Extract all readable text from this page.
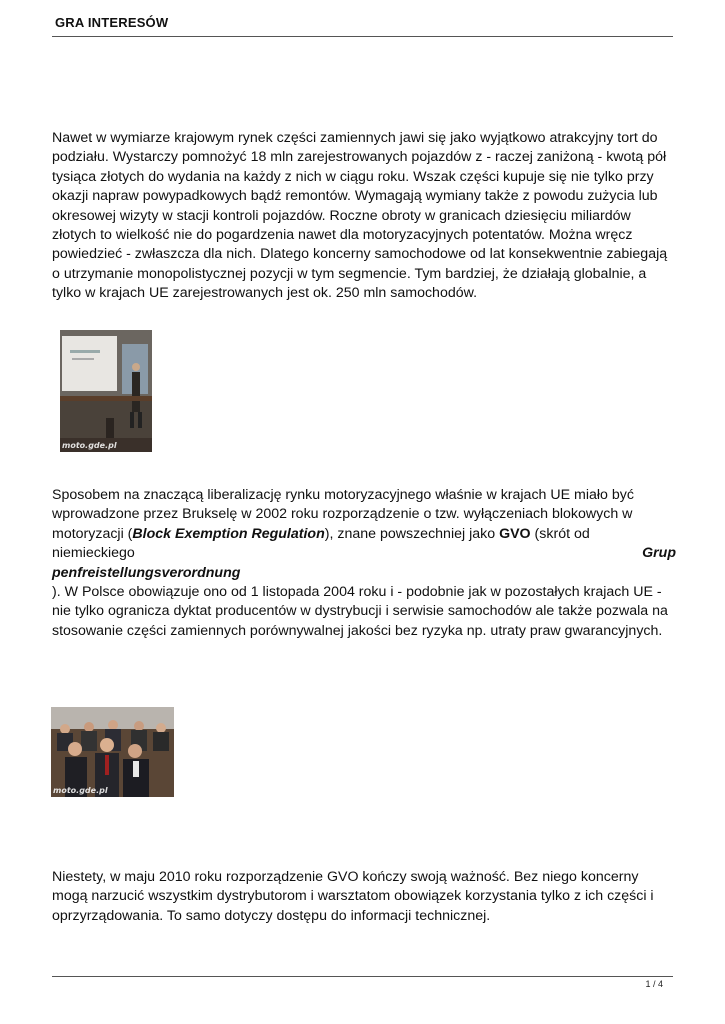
GRA INTERESÓW

Nawet w wymiarze krajowym rynek części zamiennych jawi się jako wyjątkowo atrakcyjny tort do podziału. Wystarczy pomnożyć 18 mln zarejestrowanych pojazdów z - raczej zaniżoną - kwotą pół tysiąca złotych do wydania na każdy z nich w ciągu roku. Wszak części kupuje się nie tylko przy okazji napraw powypadkowych bądź remontów. Wymagają wymiany także z powodu zużycia lub okresowej wizyty w stacji kontroli pojazdów. Roczne obroty w granicach dziesięciu miliardów złotych to wielkość nie do pogardzenia nawet dla motoryzacyjnych potentatów. Można wręcz powiedzieć - zwłaszcza dla nich. Dlatego koncerny samochodowe od lat konsekwentnie zabiegają o utrzymanie monopolistycznej pozycji w tym segmencie. Tym bardziej, że działają globalnie, a tylko w krajach UE zarejestrowanych jest ok. 250 mln samochodów.

moto.gde.pl
Sposobem na znaczącą liberalizację rynku motoryzacyjnego właśnie w krajach UE miało być wprowadzone przez Brukselę w 2002 roku rozporządzenie o tzw. wyłączeniach blokowych w motoryzacji (Block Exemption Regulation), znane powszechniej jako GVO (skrót od
niemieckiego	Grup
penfreistellungsverordnung
). W Polsce obowiązuje ono od 1 listopada 2004 roku i - podobnie jak w pozostałych krajach UE - nie tylko ogranicza dyktat producentów w dystrybucji i serwisie samochodów ale także pozwala na stosowanie części zamiennych porównywalnej jakości bez ryzyka np. utraty praw gwarancyjnych.
moto.gde.pl

Niestety, w maju 2010 roku rozporządzenie GVO kończy swoją ważność. Bez niego koncerny mogą narzucić wszystkim dystrybutorom i warsztatom obowiązek korzystania tylko z ich części i oprzyrządowania. To samo dotyczy dostępu do informacji technicznej.

1 / 4
